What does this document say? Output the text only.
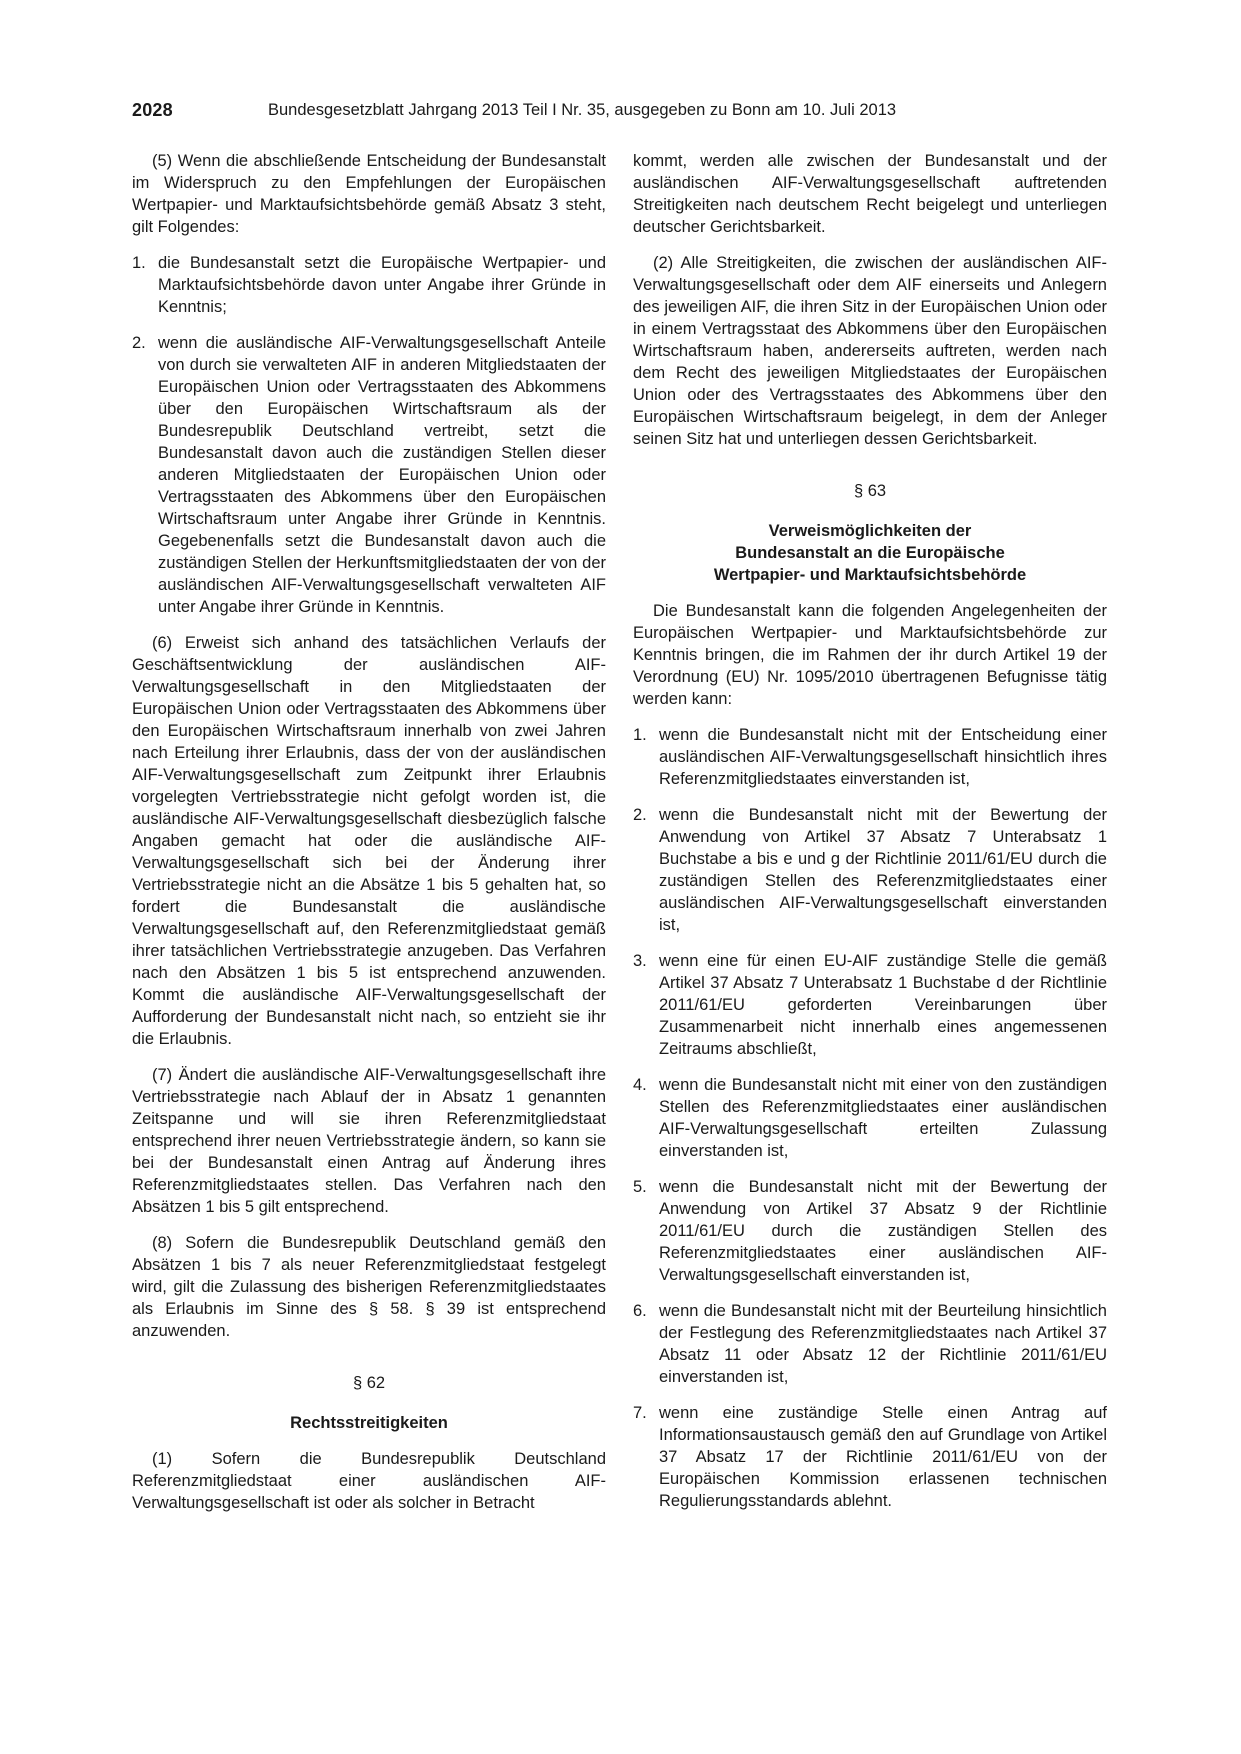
2028	Bundesgesetzblatt Jahrgang 2013 Teil I Nr. 35, ausgegeben zu Bonn am 10. Juli 2013

(5) Wenn die abschließende Entscheidung der Bundesanstalt im Widerspruch zu den Empfehlungen der Europäischen Wertpapier- und Marktaufsichtsbehörde gemäß Absatz 3 steht, gilt Folgendes:

1. die Bundesanstalt setzt die Europäische Wertpapier- und Marktaufsichtsbehörde davon unter Angabe ihrer Gründe in Kenntnis;
2. wenn die ausländische AIF-Verwaltungsgesellschaft Anteile von durch sie verwalteten AIF in anderen Mitgliedstaaten der Europäischen Union oder Vertragsstaaten des Abkommens über den Europäischen Wirtschaftsraum als der Bundesrepublik Deutschland vertreibt, setzt die Bundesanstalt davon auch die zuständigen Stellen dieser anderen Mitgliedstaaten der Europäischen Union oder Vertragsstaaten des Abkommens über den Europäischen Wirtschaftsraum unter Angabe ihrer Gründe in Kenntnis. Gegebenenfalls setzt die Bundesanstalt davon auch die zuständigen Stellen der Herkunftsmitgliedstaaten der von der ausländischen AIF-Verwaltungsgesellschaft verwalteten AIF unter Angabe ihrer Gründe in Kenntnis.

(6) Erweist sich anhand des tatsächlichen Verlaufs der Geschäftsentwicklung der ausländischen AIF-Verwaltungsgesellschaft in den Mitgliedstaaten der Europäischen Union oder Vertragsstaaten des Abkommens über den Europäischen Wirtschaftsraum innerhalb von zwei Jahren nach Erteilung ihrer Erlaubnis, dass der von der ausländischen AIF-Verwaltungsgesellschaft zum Zeitpunkt ihrer Erlaubnis vorgelegten Vertriebsstrategie nicht gefolgt worden ist, die ausländische AIF-Verwaltungsgesellschaft diesbezüglich falsche Angaben gemacht hat oder die ausländische AIF-Verwaltungsgesellschaft sich bei der Änderung ihrer Vertriebsstrategie nicht an die Absätze 1 bis 5 gehalten hat, so fordert die Bundesanstalt die ausländische Verwaltungsgesellschaft auf, den Referenzmitgliedstaat gemäß ihrer tatsächlichen Vertriebsstrategie anzugeben. Das Verfahren nach den Absätzen 1 bis 5 ist entsprechend anzuwenden. Kommt die ausländische AIF-Verwaltungsgesellschaft der Aufforderung der Bundesanstalt nicht nach, so entzieht sie ihr die Erlaubnis.

(7) Ändert die ausländische AIF-Verwaltungsgesellschaft ihre Vertriebsstrategie nach Ablauf der in Absatz 1 genannten Zeitspanne und will sie ihren Referenzmitgliedstaat entsprechend ihrer neuen Vertriebsstrategie ändern, so kann sie bei der Bundesanstalt einen Antrag auf Änderung ihres Referenzmitgliedstaates stellen. Das Verfahren nach den Absätzen 1 bis 5 gilt entsprechend.

(8) Sofern die Bundesrepublik Deutschland gemäß den Absätzen 1 bis 7 als neuer Referenzmitgliedstaat festgelegt wird, gilt die Zulassung des bisherigen Referenzmitgliedstaates als Erlaubnis im Sinne des § 58. § 39 ist entsprechend anzuwenden.

§ 62
Rechtsstreitigkeiten

(1) Sofern die Bundesrepublik Deutschland Referenzmitgliedstaat einer ausländischen AIF-Verwaltungsgesellschaft ist oder als solcher in Betracht

kommt, werden alle zwischen der Bundesanstalt und der ausländischen AIF-Verwaltungsgesellschaft auftretenden Streitigkeiten nach deutschem Recht beigelegt und unterliegen deutscher Gerichtsbarkeit.

(2) Alle Streitigkeiten, die zwischen der ausländischen AIF-Verwaltungsgesellschaft oder dem AIF einerseits und Anlegern des jeweiligen AIF, die ihren Sitz in der Europäischen Union oder in einem Vertragsstaat des Abkommens über den Europäischen Wirtschaftsraum haben, andererseits auftreten, werden nach dem Recht des jeweiligen Mitgliedstaates der Europäischen Union oder des Vertragsstaates des Abkommens über den Europäischen Wirtschaftsraum beigelegt, in dem der Anleger seinen Sitz hat und unterliegen dessen Gerichtsbarkeit.

§ 63
Verweismöglichkeiten der
Bundesanstalt an die Europäische
Wertpapier- und Marktaufsichtsbehörde

Die Bundesanstalt kann die folgenden Angelegenheiten der Europäischen Wertpapier- und Marktaufsichtsbehörde zur Kenntnis bringen, die im Rahmen der ihr durch Artikel 19 der Verordnung (EU) Nr. 1095/2010 übertragenen Befugnisse tätig werden kann:

1. wenn die Bundesanstalt nicht mit der Entscheidung einer ausländischen AIF-Verwaltungsgesellschaft hinsichtlich ihres Referenzmitgliedstaates einverstanden ist,
2. wenn die Bundesanstalt nicht mit der Bewertung der Anwendung von Artikel 37 Absatz 7 Unterabsatz 1 Buchstabe a bis e und g der Richtlinie 2011/61/EU durch die zuständigen Stellen des Referenzmitgliedstaates einer ausländischen AIF-Verwaltungsgesellschaft einverstanden ist,
3. wenn eine für einen EU-AIF zuständige Stelle die gemäß Artikel 37 Absatz 7 Unterabsatz 1 Buchstabe d der Richtlinie 2011/61/EU geforderten Vereinbarungen über Zusammenarbeit nicht innerhalb eines angemessenen Zeitraums abschließt,
4. wenn die Bundesanstalt nicht mit einer von den zuständigen Stellen des Referenzmitgliedstaates einer ausländischen AIF-Verwaltungsgesellschaft erteilten Zulassung einverstanden ist,
5. wenn die Bundesanstalt nicht mit der Bewertung der Anwendung von Artikel 37 Absatz 9 der Richtlinie 2011/61/EU durch die zuständigen Stellen des Referenzmitgliedstaates einer ausländischen AIF-Verwaltungsgesellschaft einverstanden ist,
6. wenn die Bundesanstalt nicht mit der Beurteilung hinsichtlich der Festlegung des Referenzmitgliedstaates nach Artikel 37 Absatz 11 oder Absatz 12 der Richtlinie 2011/61/EU einverstanden ist,
7. wenn eine zuständige Stelle einen Antrag auf Informationsaustausch gemäß den auf Grundlage von Artikel 37 Absatz 17 der Richtlinie 2011/61/EU von der Europäischen Kommission erlassenen technischen Regulierungsstandards ablehnt.
